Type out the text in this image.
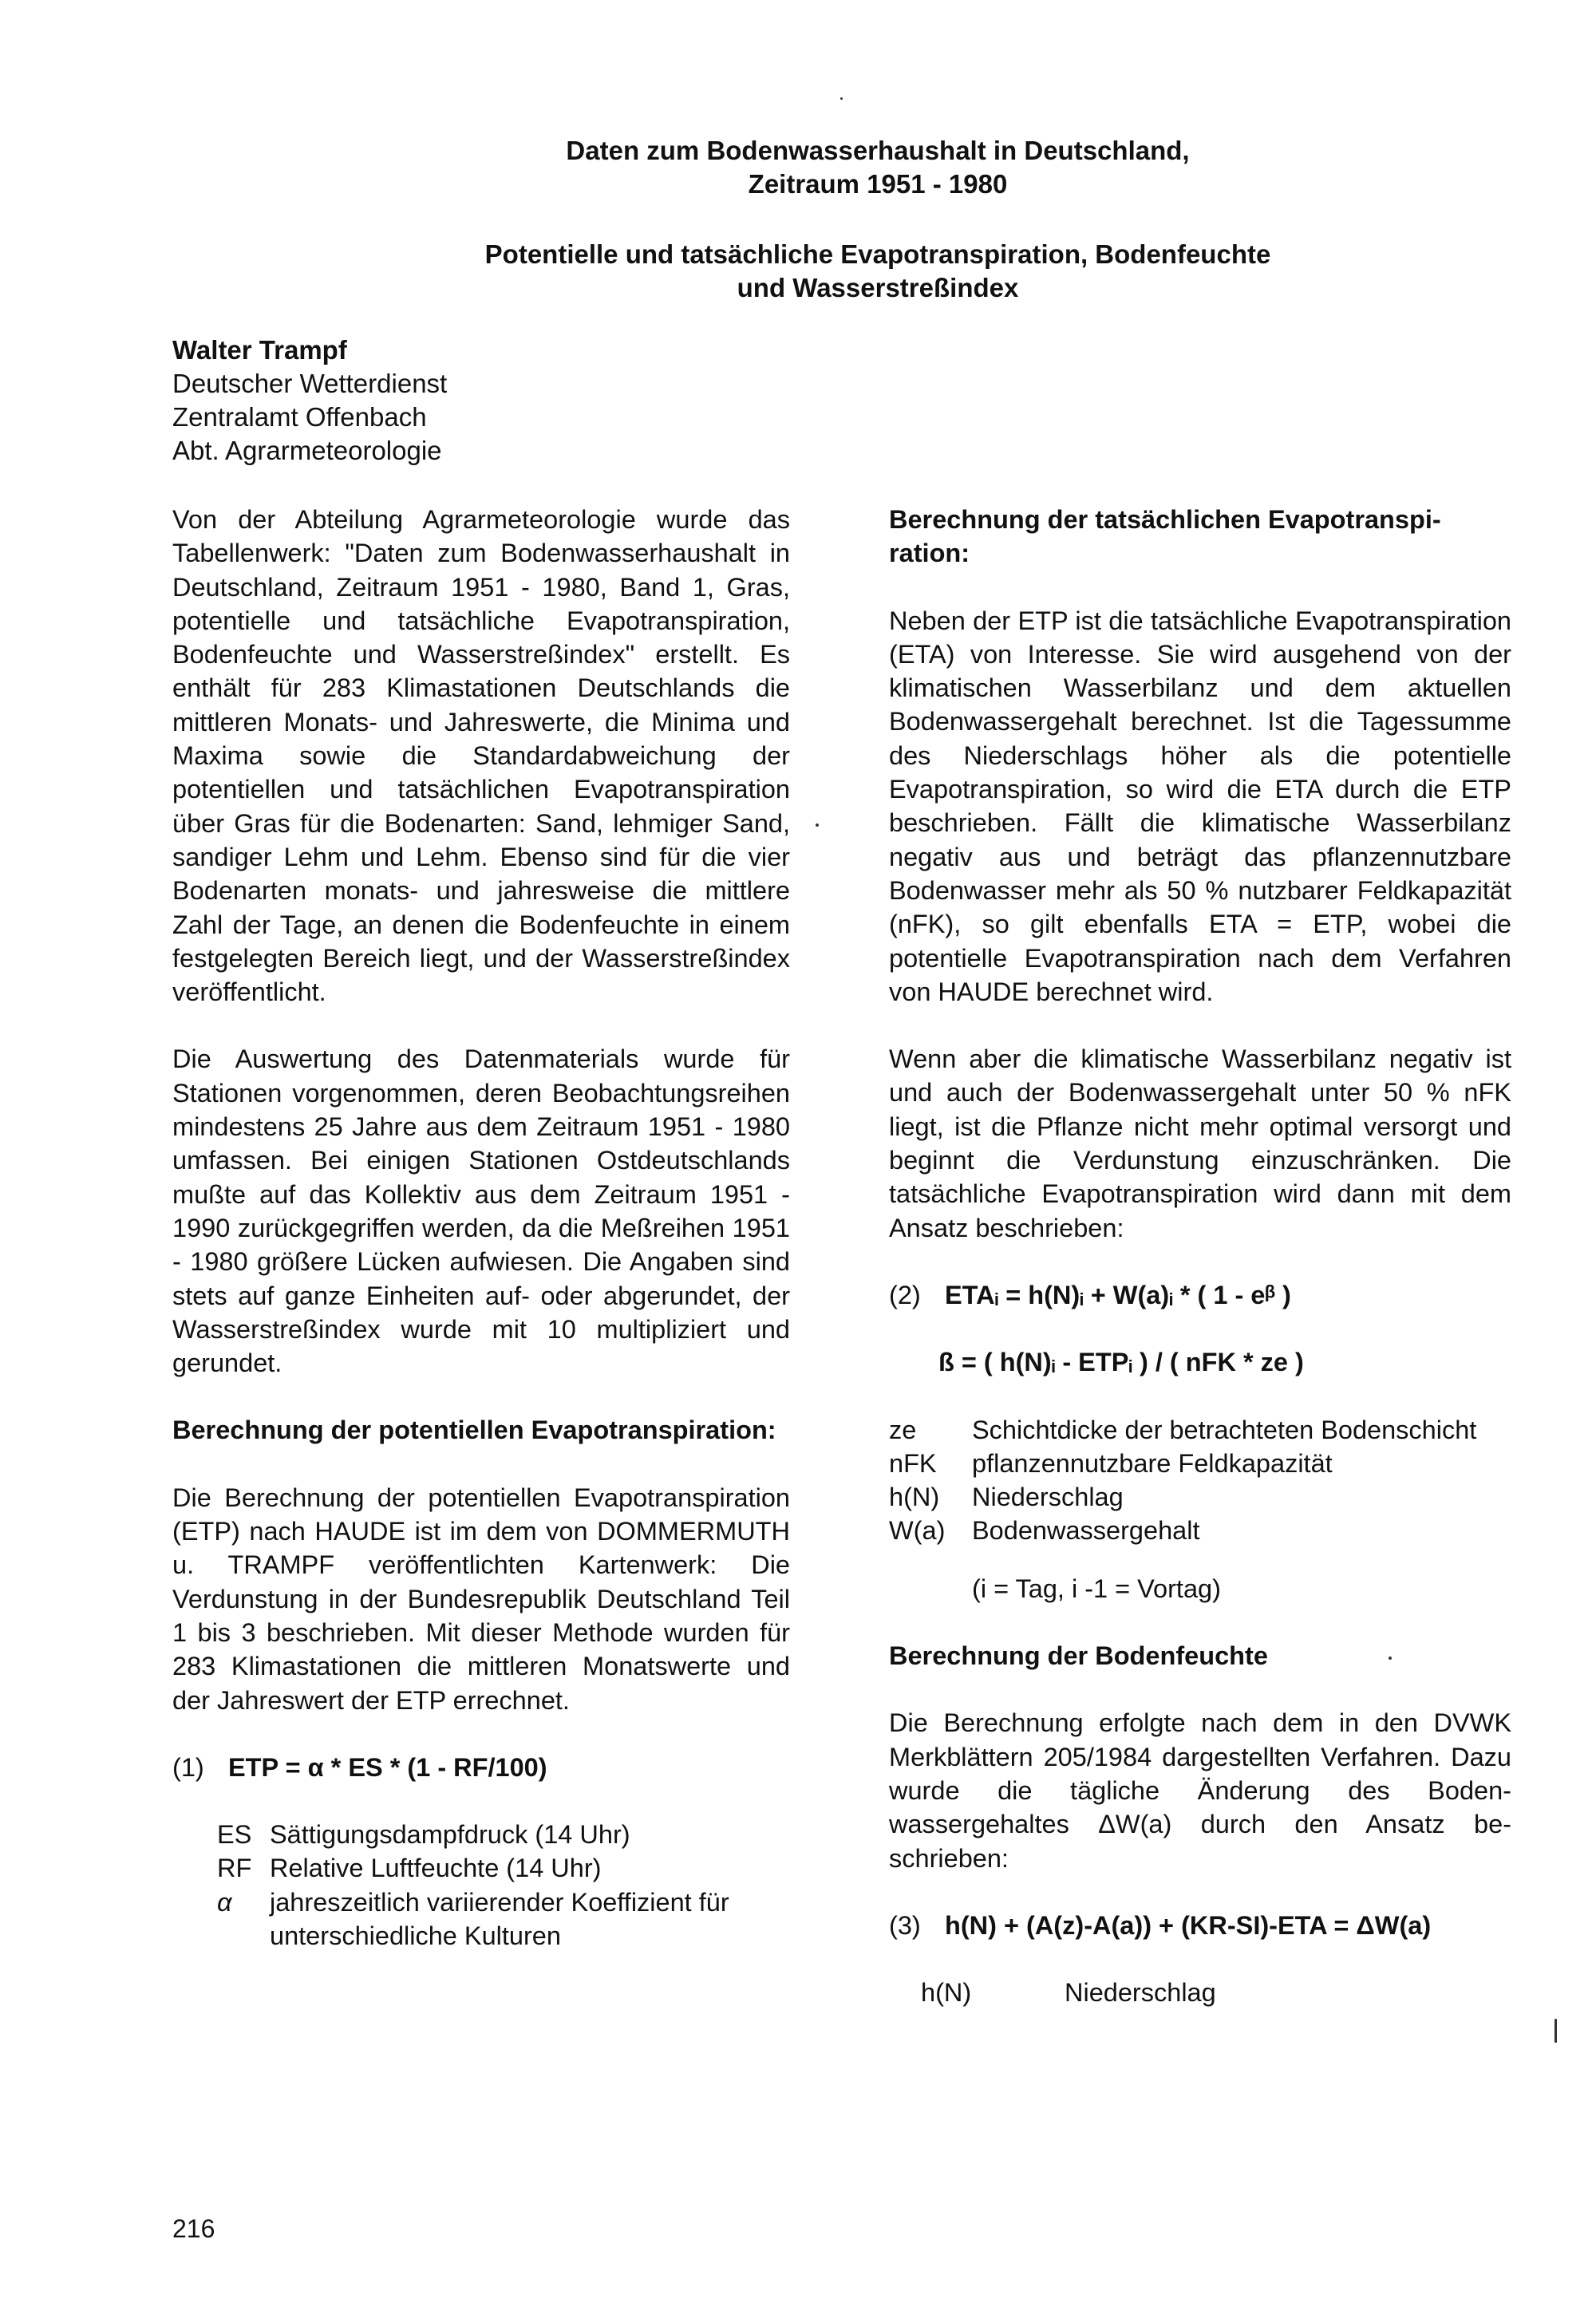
Daten zum Bodenwasserhaushalt in Deutschland,

Zeitraum 1951 - 1980

Potentielle und tatsächliche Evapotranspiration, Bodenfeuchte

und Wasserstreßindex

Walter Trampf
Deutscher Wetterdienst
Zentralamt Offenbach
Abt. Agrarmeteorologie

Von der Abteilung Agrarmeteorologie wurde das Tabellenwerk: "Daten zum Bodenwasserhaushalt in Deutschland, Zeitraum 1951 - 1980, Band 1, Gras, potentielle und tatsächliche Evapotranspiration, Bodenfeuchte und Wasserstreßindex" erstellt. Es enthält für 283 Klimastationen Deutschlands die mittleren Monats- und Jahreswerte, die Minima und Maxima sowie die Standardabweichung der potentiellen und tatsächlichen Evapotranspiration über Gras für die Bodenarten: Sand, lehmiger Sand, sandiger Lehm und Lehm. Ebenso sind für die vier Bodenarten monats- und jahresweise die mittlere Zahl der Tage, an denen die Bodenfeuchte in einem festgelegten Bereich liegt, und der Wasserstreßindex veröffentlicht.

Die Auswertung des Datenmaterials wurde für Stationen vorgenommen, deren Beobachtungsreihen mindestens 25 Jahre aus dem Zeitraum 1951 - 1980 umfassen. Bei einigen Stationen Ostdeutschlands mußte auf das Kollektiv aus dem Zeitraum 1951 - 1990 zurückgegriffen werden, da die Meßreihen 1951 - 1980 größere Lücken aufwiesen. Die Angaben sind stets auf ganze Einheiten auf- oder abgerundet, der Wasserstreßindex wurde mit 10 multipliziert und gerundet.

Berechnung der potentiellen Evapotranspiration:

Die Berechnung der potentiellen Evapotranspiration (ETP) nach HAUDE ist im dem von DOMMERMUTH u. TRAMPF veröffentlichten Kartenwerk: Die Verdunstung in der Bundesrepublik Deutschland Teil 1 bis 3 beschrieben. Mit dieser Methode wurden für 283 Klimastationen die mittleren Monatswerte und der Jahreswert der ETP errechnet.

(1) ETP = α * ES * (1 - RF/100)

ES Sättigungsdampfdruck (14 Uhr)
RF Relative Luftfeuchte (14 Uhr)
α	jahreszeitlich variierender Koeffizient für unterschiedliche Kulturen

Berechnung der tatsächlichen Evapotranspiration:

Neben der ETP ist die tatsächliche Evapotranspiration (ETA) von Interesse. Sie wird ausgehend von der klimatischen Wasserbilanz und dem aktuellen Bodenwassergehalt berechnet. Ist die Tagessumme des Niederschlags höher als die potentielle Evapotranspiration, so wird die ETA durch die ETP beschrieben. Fällt die klimatische Wasserbilanz negativ aus und beträgt das pflanzennutzbare Bodenwasser mehr als 50 % nutzbarer Feldkapazität (nFK), so gilt ebenfalls ETA = ETP, wobei die potentielle Evapotranspiration nach dem Verfahren von HAUDE berechnet wird.

Wenn aber die klimatische Wasserbilanz negativ ist und auch der Bodenwassergehalt unter 50 % nFK liegt, ist die Pflanze nicht mehr optimal versorgt und beginnt die Verdunstung einzuschränken. Die tatsächliche Evapotranspiration wird dann mit dem Ansatz beschrieben:

(2) ETAᵢ = h(N)ᵢ + W(a)ᵢ * ( 1 - eᵝ )

ß = ( h(N)ᵢ - ETPᵢ ) / ( nFK * ze )

ze	Schichtdicke der betrachteten Bodenschicht
nFK	pflanzennutzbare Feldkapazität
h(N)	Niederschlag
W(a)	Bodenwassergehalt

(i = Tag, i -1 = Vortag)

Berechnung der Bodenfeuchte

Die Berechnung erfolgte nach dem in den DVWK Merkblättern 205/1984 dargestellten Verfahren. Dazu wurde die tägliche Änderung des Bodenwassergehaltes ΔW(a) durch den Ansatz beschrieben:

(3) h(N) + (A(z)-A(a)) + (KR-SI)-ETA = ΔW(a)

h(N)	Niederschlag
216
